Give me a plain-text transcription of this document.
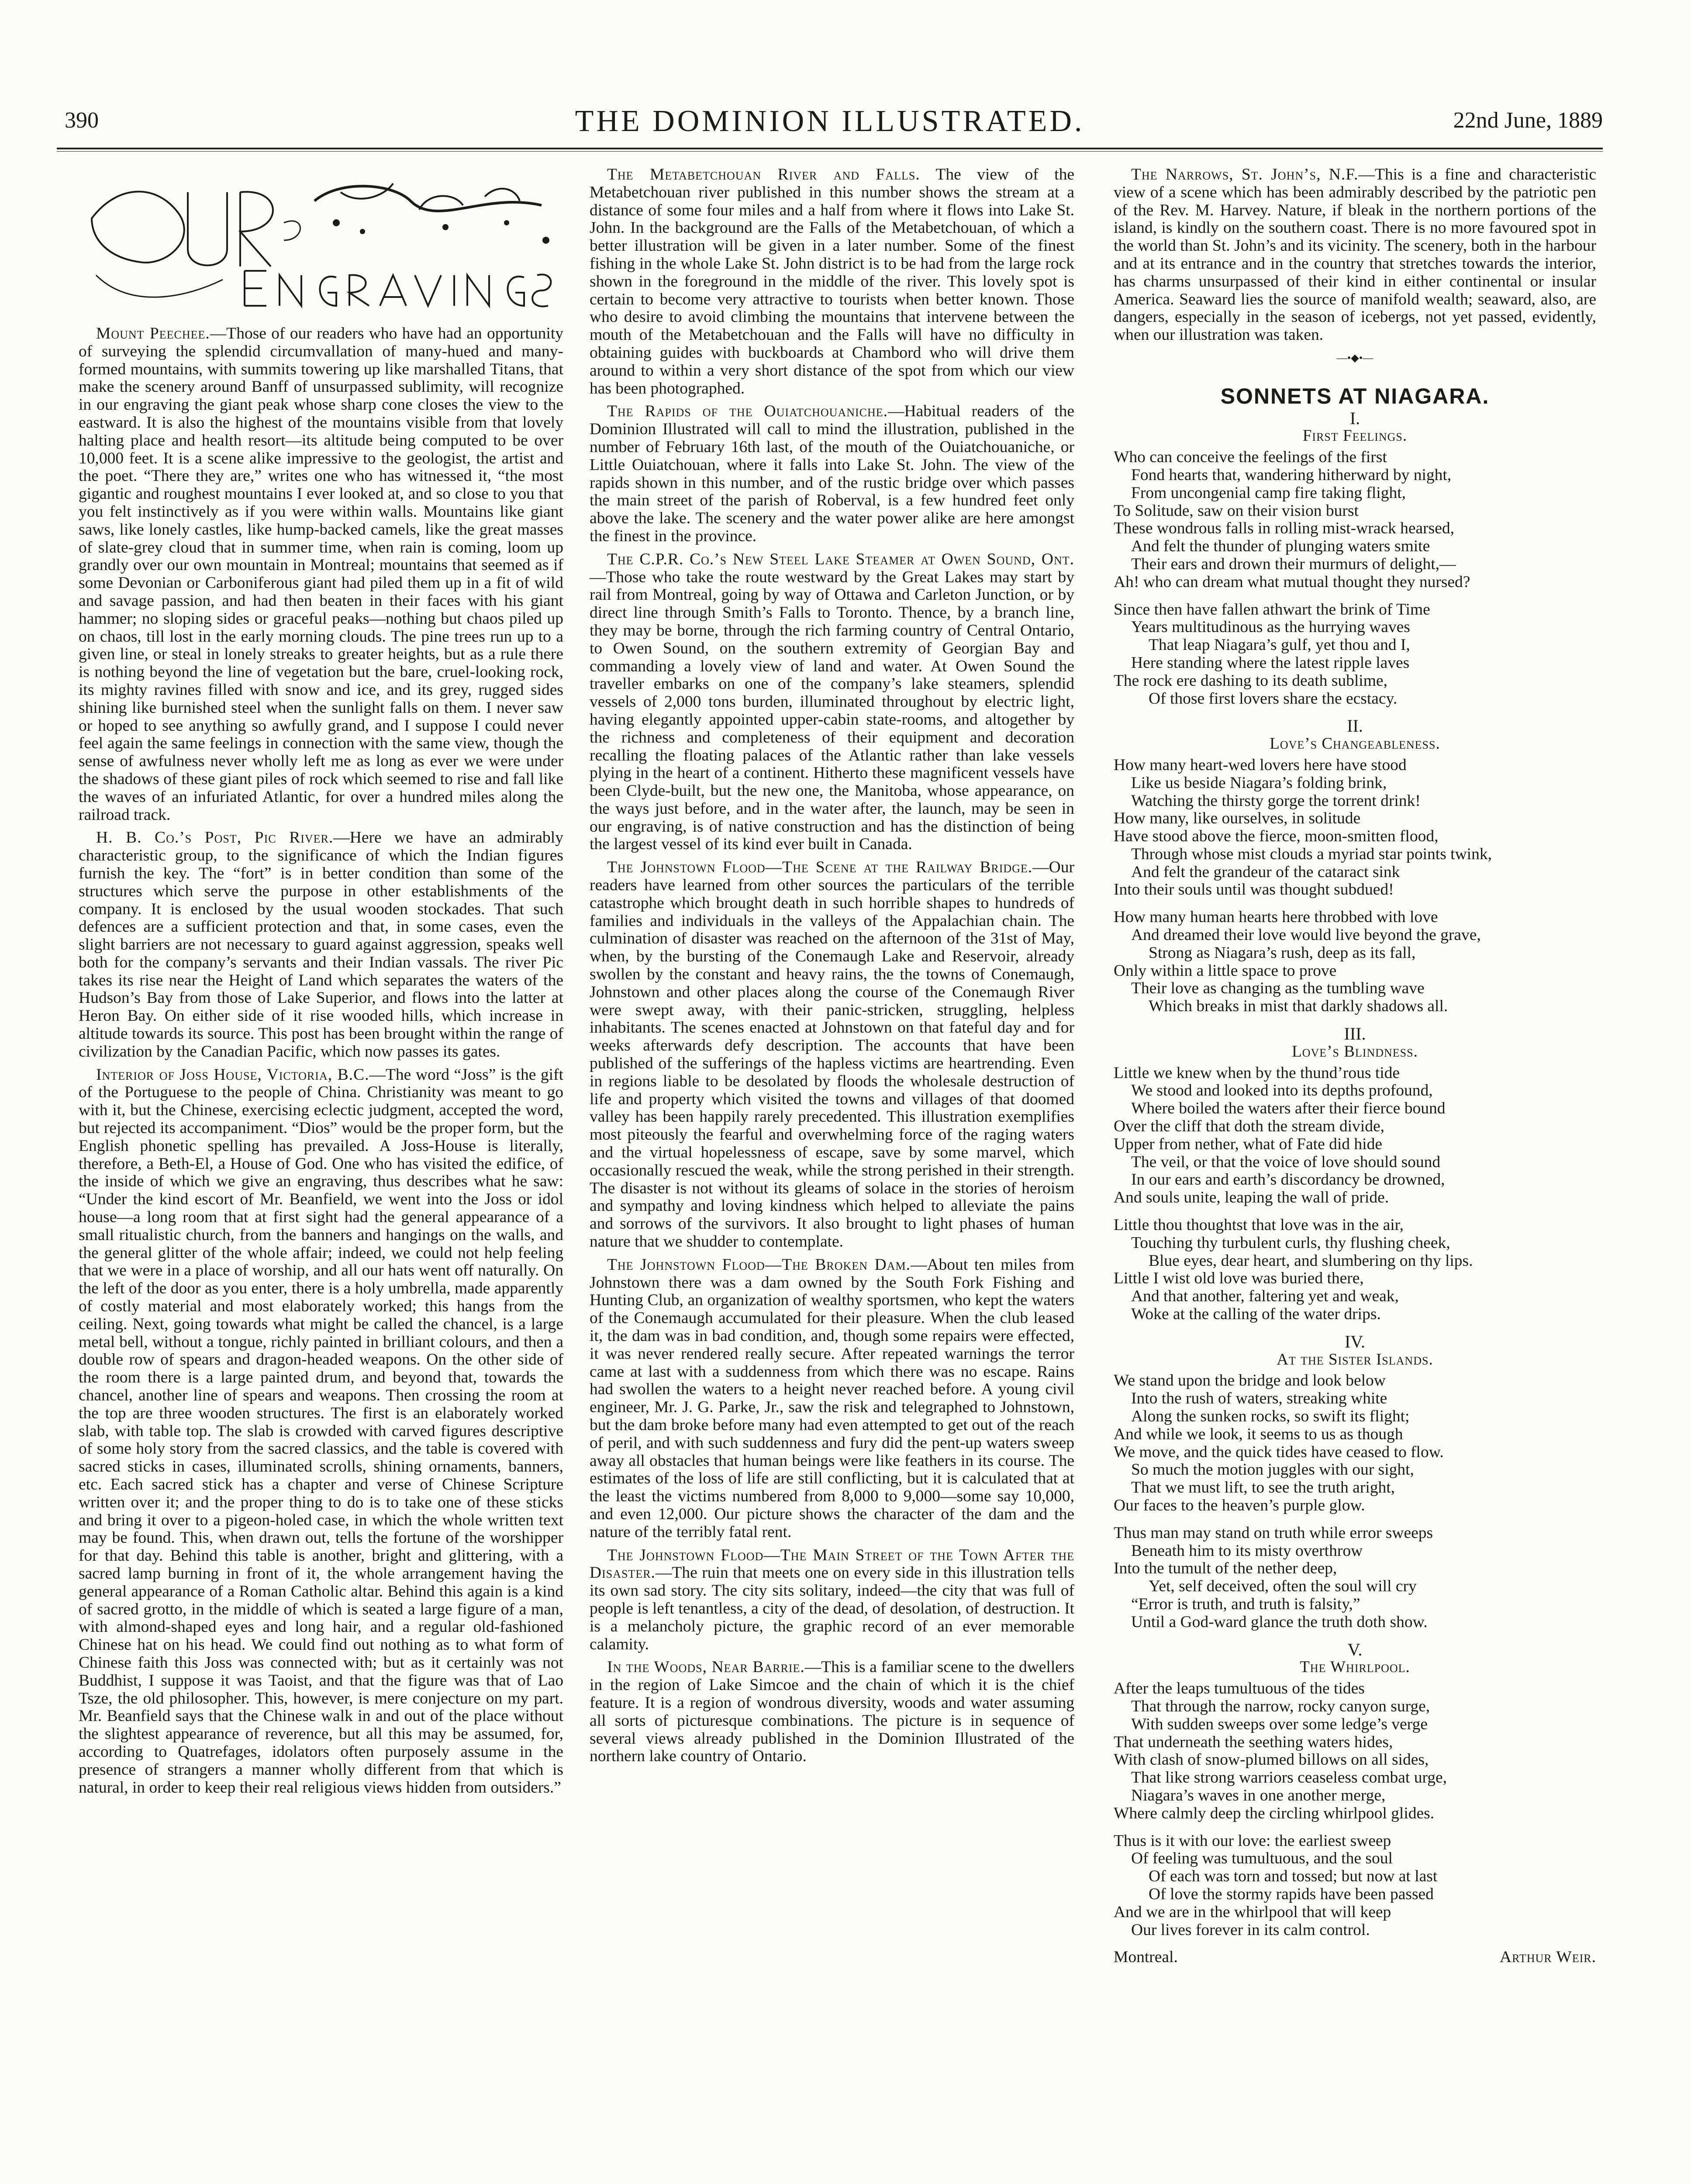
390	THE DOMINION ILLUSTRATED.	22nd June, 1889

Mount Peechee.—Those of our readers who have had an opportunity of surveying the splendid circumvallation of many-hued and many-formed mountains, with summits towering up like marshalled Titans, that make the scenery around Banff of unsurpassed sublimity, will recognize in our engraving the giant peak whose sharp cone closes the view to the eastward. It is also the highest of the mountains visible from that lovely halting place and health resort—its altitude being computed to be over 10,000 feet. It is a scene alike impressive to the geologist, the artist and the poet. “There they are,” writes one who has witnessed it, “the most gigantic and roughest mountains I ever looked at, and so close to you that you felt instinctively as if you were within walls. Mountains like giant saws, like lonely castles, like hump-backed camels, like the great masses of slate-grey cloud that in summer time, when rain is coming, loom up grandly over our own mountain in Montreal; mountains that seemed as if some Devonian or Carboniferous giant had piled them up in a fit of wild and savage passion, and had then beaten in their faces with his giant hammer; no sloping sides or graceful peaks—nothing but chaos piled up on chaos, till lost in the early morning clouds. The pine trees run up to a given line, or steal in lonely streaks to greater heights, but as a rule there is nothing beyond the line of vegetation but the bare, cruel-looking rock, its mighty ravines filled with snow and ice, and its grey, rugged sides shining like burnished steel when the sunlight falls on them. I never saw or hoped to see anything so awfully grand, and I suppose I could never feel again the same feelings in connection with the same view, though the sense of awfulness never wholly left me as long as ever we were under the shadows of these giant piles of rock which seemed to rise and fall like the waves of an infuriated Atlantic, for over a hundred miles along the railroad track.

H. B. Co.’s Post, Pic River.—Here we have an admirably characteristic group, to the significance of which the Indian figures furnish the key. The “fort” is in better condition than some of the structures which serve the purpose in other establishments of the company. It is enclosed by the usual wooden stockades. That such defences are a sufficient protection and that, in some cases, even the slight barriers are not necessary to guard against aggression, speaks well both for the company’s servants and their Indian vassals. The river Pic takes its rise near the Height of Land which separates the waters of the Hudson’s Bay from those of Lake Superior, and flows into the latter at Heron Bay. On either side of it rise wooded hills, which increase in altitude towards its source. This post has been brought within the range of civilization by the Canadian Pacific, which now passes its gates.

Interior of Joss House, Victoria, B.C.—The word “Joss” is the gift of the Portuguese to the people of China. Christianity was meant to go with it, but the Chinese, exercising eclectic judgment, accepted the word, but rejected its accompaniment. “Dios” would be the proper form, but the English phonetic spelling has prevailed. A Joss-House is literally, therefore, a Beth-El, a House of God. One who has visited the edifice, of the inside of which we give an engraving, thus describes what he saw: “Under the kind escort of Mr. Beanfield, we went into the Joss or idol house—a long room that at first sight had the general appearance of a small ritualistic church, from the banners and hangings on the walls, and the general glitter of the whole affair; indeed, we could not help feeling that we were in a place of worship, and all our hats went off naturally. On the left of the door as you enter, there is a holy umbrella, made apparently of costly material and most elaborately worked; this hangs from the ceiling. Next, going towards what might be called the chancel, is a large metal bell, without a tongue, richly painted in brilliant colours, and then a double row of spears and dragon-headed weapons. On the other side of the room there is a large painted drum, and beyond that, towards the chancel, another line of spears and weapons. Then crossing the room at the top are three wooden structures. The first is an elaborately worked slab, with table top. The slab is crowded with carved figures descriptive of some holy story from the sacred classics, and the table is covered with sacred sticks in cases, illuminated scrolls, shining ornaments, banners, etc. Each sacred stick has a chapter and verse of Chinese Scripture written over it; and the proper thing to do is to take one of these sticks and bring it over to a pigeon-holed case, in which the whole written text may be found. This, when drawn out, tells the fortune of the worshipper for that day. Behind this table is another, bright and glittering, with a sacred lamp burning in front of it, the whole arrangement having the general appearance of a Roman Catholic altar. Behind this again is a kind of sacred grotto, in the middle of which is seated a large figure of a man, with almond-shaped eyes and long hair, and a regular old-fashioned Chinese hat on his head. We could find out nothing as to what form of Chinese faith this Joss was connected with; but as it certainly was not Buddhist, I suppose it was Taoist, and that the figure was that of Lao Tsze, the old philosopher. This, however, is mere conjecture on my part. Mr. Beanfield says that the Chinese walk in and out of the place without the slightest appearance of reverence, but all this may be assumed, for, according to Quatrefages, idolators often purposely assume in the presence of strangers a manner wholly different from that which is natural, in order to keep their real religious views hidden from outsiders.”

The Metabetchouan River and Falls. The view of the Metabetchouan river published in this number shows the stream at a distance of some four miles and a half from where it flows into Lake St. John. In the background are the Falls of the Metabetchouan, of which a better illustration will be given in a later number. Some of the finest fishing in the whole Lake St. John district is to be had from the large rock shown in the foreground in the middle of the river. This lovely spot is certain to become very attractive to tourists when better known. Those who desire to avoid climbing the mountains that intervene between the mouth of the Metabetchouan and the Falls will have no difficulty in obtaining guides with buckboards at Chambord who will drive them around to within a very short distance of the spot from which our view has been photographed.

The Rapids of the Ouiatchouaniche.—Habitual readers of the Dominion Illustrated will call to mind the illustration, published in the number of February 16th last, of the mouth of the Ouiatchouaniche, or Little Ouiatchouan, where it falls into Lake St. John. The view of the rapids shown in this number, and of the rustic bridge over which passes the main street of the parish of Roberval, is a few hundred feet only above the lake. The scenery and the water power alike are here amongst the finest in the province.

The C.P.R. Co.’s New Steel Lake Steamer at Owen Sound, Ont.—Those who take the route westward by the Great Lakes may start by rail from Montreal, going by way of Ottawa and Carleton Junction, or by direct line through Smith’s Falls to Toronto. Thence, by a branch line, they may be borne, through the rich farming country of Central Ontario, to Owen Sound, on the southern extremity of Georgian Bay and commanding a lovely view of land and water. At Owen Sound the traveller embarks on one of the company’s lake steamers, splendid vessels of 2,000 tons burden, illuminated throughout by electric light, having elegantly appointed upper-cabin state-rooms, and altogether by the richness and completeness of their equipment and decoration recalling the floating palaces of the Atlantic rather than lake vessels plying in the heart of a continent. Hitherto these magnificent vessels have been Clyde-built, but the new one, the Manitoba, whose appearance, on the ways just before, and in the water after, the launch, may be seen in our engraving, is of native construction and has the distinction of being the largest vessel of its kind ever built in Canada.

The Johnstown Flood—The Scene at the Railway Bridge.—Our readers have learned from other sources the particulars of the terrible catastrophe which brought death in such horrible shapes to hundreds of families and individuals in the valleys of the Appalachian chain. The culmination of disaster was reached on the afternoon of the 31st of May, when, by the bursting of the Conemaugh Lake and Reservoir, already swollen by the constant and heavy rains, the the towns of Conemaugh, Johnstown and other places along the course of the Conemaugh River were swept away, with their panic-stricken, struggling, helpless inhabitants. The scenes enacted at Johnstown on that fateful day and for weeks afterwards defy description. The accounts that have been published of the sufferings of the hapless victims are heartrending. Even in regions liable to be desolated by floods the wholesale destruction of life and property which visited the towns and villages of that doomed valley has been happily rarely precedented. This illustration exemplifies most piteously the fearful and overwhelming force of the raging waters and the virtual hopelessness of escape, save by some marvel, which occasionally rescued the weak, while the strong perished in their strength. The disaster is not without its gleams of solace in the stories of heroism and sympathy and loving kindness which helped to alleviate the pains and sorrows of the survivors. It also brought to light phases of human nature that we shudder to contemplate.

The Johnstown Flood—The Broken Dam.—About ten miles from Johnstown there was a dam owned by the South Fork Fishing and Hunting Club, an organization of wealthy sportsmen, who kept the waters of the Conemaugh accumulated for their pleasure. When the club leased it, the dam was in bad condition, and, though some repairs were effected, it was never rendered really secure. After repeated warnings the terror came at last with a suddenness from which there was no escape. Rains had swollen the waters to a height never reached before. A young civil engineer, Mr. J. G. Parke, Jr., saw the risk and telegraphed to Johnstown, but the dam broke before many had even attempted to get out of the reach of peril, and with such suddenness and fury did the pent-up waters sweep away all obstacles that human beings were like feathers in its course. The estimates of the loss of life are still conflicting, but it is calculated that at the least the victims numbered from 8,000 to 9,000—some say 10,000, and even 12,000. Our picture shows the character of the dam and the nature of the terribly fatal rent.

The Johnstown Flood—The Main Street of the Town After the Disaster.—The ruin that meets one on every side in this illustration tells its own sad story. The city sits solitary, indeed—the city that was full of people is left tenantless, a city of the dead, of desolation, of destruction. It is a melancholy picture, the graphic record of an ever memorable calamity.

In the Woods, Near Barrie.—This is a familiar scene to the dwellers in the region of Lake Simcoe and the chain of which it is the chief feature. It is a region of wondrous diversity, woods and water assuming all sorts of picturesque combinations. The picture is in sequence of several views already published in the Dominion Illustrated of the northern lake country of Ontario.

The Narrows, St. John’s, N.F.—This is a fine and characteristic view of a scene which has been admirably described by the patriotic pen of the Rev. M. Harvey. Nature, if bleak in the northern portions of the island, is kindly on the southern coast. There is no more favoured spot in the world than St. John’s and its vicinity. The scenery, both in the harbour and at its entrance and in the country that stretches towards the interior, has charms unsurpassed of their kind in either continental or insular America. Seaward lies the source of manifold wealth; seaward, also, are dangers, especially in the season of icebergs, not yet passed, evidently, when our illustration was taken.

—•◆•—
SONNETS AT NIAGARA.
I.
First Feelings.
Who can conceive the feelings of the first
Fond hearts that, wandering hitherward by night,
From uncongenial camp fire taking flight,
To Solitude, saw on their vision burst
These wondrous falls in rolling mist-wrack hearsed,
And felt the thunder of plunging waters smite
Their ears and drown their murmurs of delight,—
Ah! who can dream what mutual thought they nursed?
Since then have fallen athwart the brink of Time
Years multitudinous as the hurrying waves
That leap Niagara’s gulf, yet thou and I,
Here standing where the latest ripple laves
The rock ere dashing to its death sublime,
Of those first lovers share the ecstacy.
II.
Love’s Changeableness.
How many heart-wed lovers here have stood
Like us beside Niagara’s folding brink,
Watching the thirsty gorge the torrent drink!
How many, like ourselves, in solitude
Have stood above the fierce, moon-smitten flood,
Through whose mist clouds a myriad star points twink,
And felt the grandeur of the cataract sink
Into their souls until was thought subdued!
How many human hearts here throbbed with love
And dreamed their love would live beyond the grave,
Strong as Niagara’s rush, deep as its fall,
Only within a little space to prove
Their love as changing as the tumbling wave
Which breaks in mist that darkly shadows all.
III.
Love’s Blindness.
Little we knew when by the thund’rous tide
We stood and looked into its depths profound,
Where boiled the waters after their fierce bound
Over the cliff that doth the stream divide,
Upper from nether, what of Fate did hide
The veil, or that the voice of love should sound
In our ears and earth’s discordancy be drowned,
And souls unite, leaping the wall of pride.
Little thou thoughtst that love was in the air,
Touching thy turbulent curls, thy flushing cheek,
Blue eyes, dear heart, and slumbering on thy lips.
Little I wist old love was buried there,
And that another, faltering yet and weak,
Woke at the calling of the water drips.
IV.
At the Sister Islands.
We stand upon the bridge and look below
Into the rush of waters, streaking white
Along the sunken rocks, so swift its flight;
And while we look, it seems to us as though
We move, and the quick tides have ceased to flow.
So much the motion juggles with our sight,
That we must lift, to see the truth aright,
Our faces to the heaven’s purple glow.
Thus man may stand on truth while error sweeps
Beneath him to its misty overthrow
Into the tumult of the nether deep,
Yet, self deceived, often the soul will cry
“Error is truth, and truth is falsity,”
Until a God-ward glance the truth doth show.
V.
The Whirlpool.
After the leaps tumultuous of the tides
That through the narrow, rocky canyon surge,
With sudden sweeps over some ledge’s verge
That underneath the seething waters hides,
With clash of snow-plumed billows on all sides,
That like strong warriors ceaseless combat urge,
Niagara’s waves in one another merge,
Where calmly deep the circling whirlpool glides.
Thus is it with our love: the earliest sweep
Of feeling was tumultuous, and the soul
Of each was torn and tossed; but now at last
Of love the stormy rapids have been passed
And we are in the whirlpool that will keep
Our lives forever in its calm control.
Montreal.	Arthur Weir.
